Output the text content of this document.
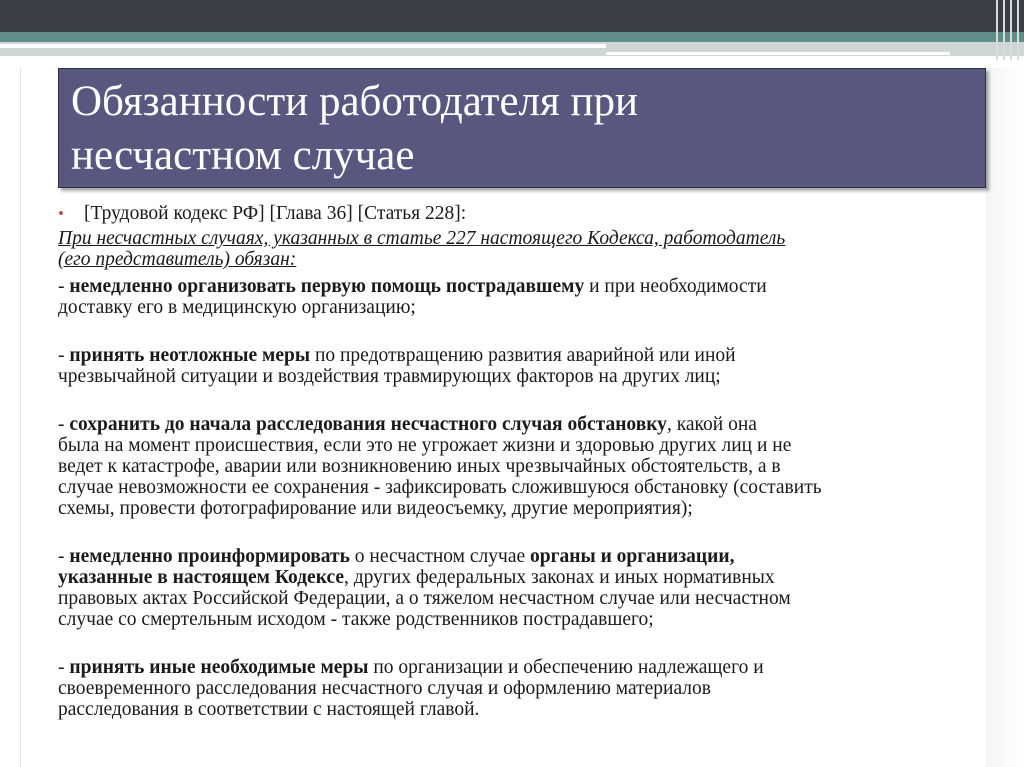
Обязанности работодателя при
несчастном случае
• [Трудовой кодекс РФ] [Глава 36] [Статья 228]:
При несчастных случаях, указанных в статье 227 настоящего Кодекса, работодатель
(его представитель) обязан:
- немедленно организовать первую помощь пострадавшему и при необходимости
доставку его в медицинскую организацию;
- принять неотложные меры по предотвращению развития аварийной или иной
чрезвычайной ситуации и воздействия травмирующих факторов на других лиц;
- сохранить до начала расследования несчастного случая обстановку, какой она
была на момент происшествия, если это не угрожает жизни и здоровью других лиц и не
ведет к катастрофе, аварии или возникновению иных чрезвычайных обстоятельств, а в
случае невозможности ее сохранения - зафиксировать сложившуюся обстановку (составить
схемы, провести фотографирование или видеосъемку, другие мероприятия);
- немедленно проинформировать о несчастном случае органы и организации,
указанные в настоящем Кодексе, других федеральных законах и иных нормативных
правовых актах Российской Федерации, а о тяжелом несчастном случае или несчастном
случае со смертельным исходом - также родственников пострадавшего;
- принять иные необходимые меры по организации и обеспечению надлежащего и
своевременного расследования несчастного случая и оформлению материалов
расследования в соответствии с настоящей главой.
